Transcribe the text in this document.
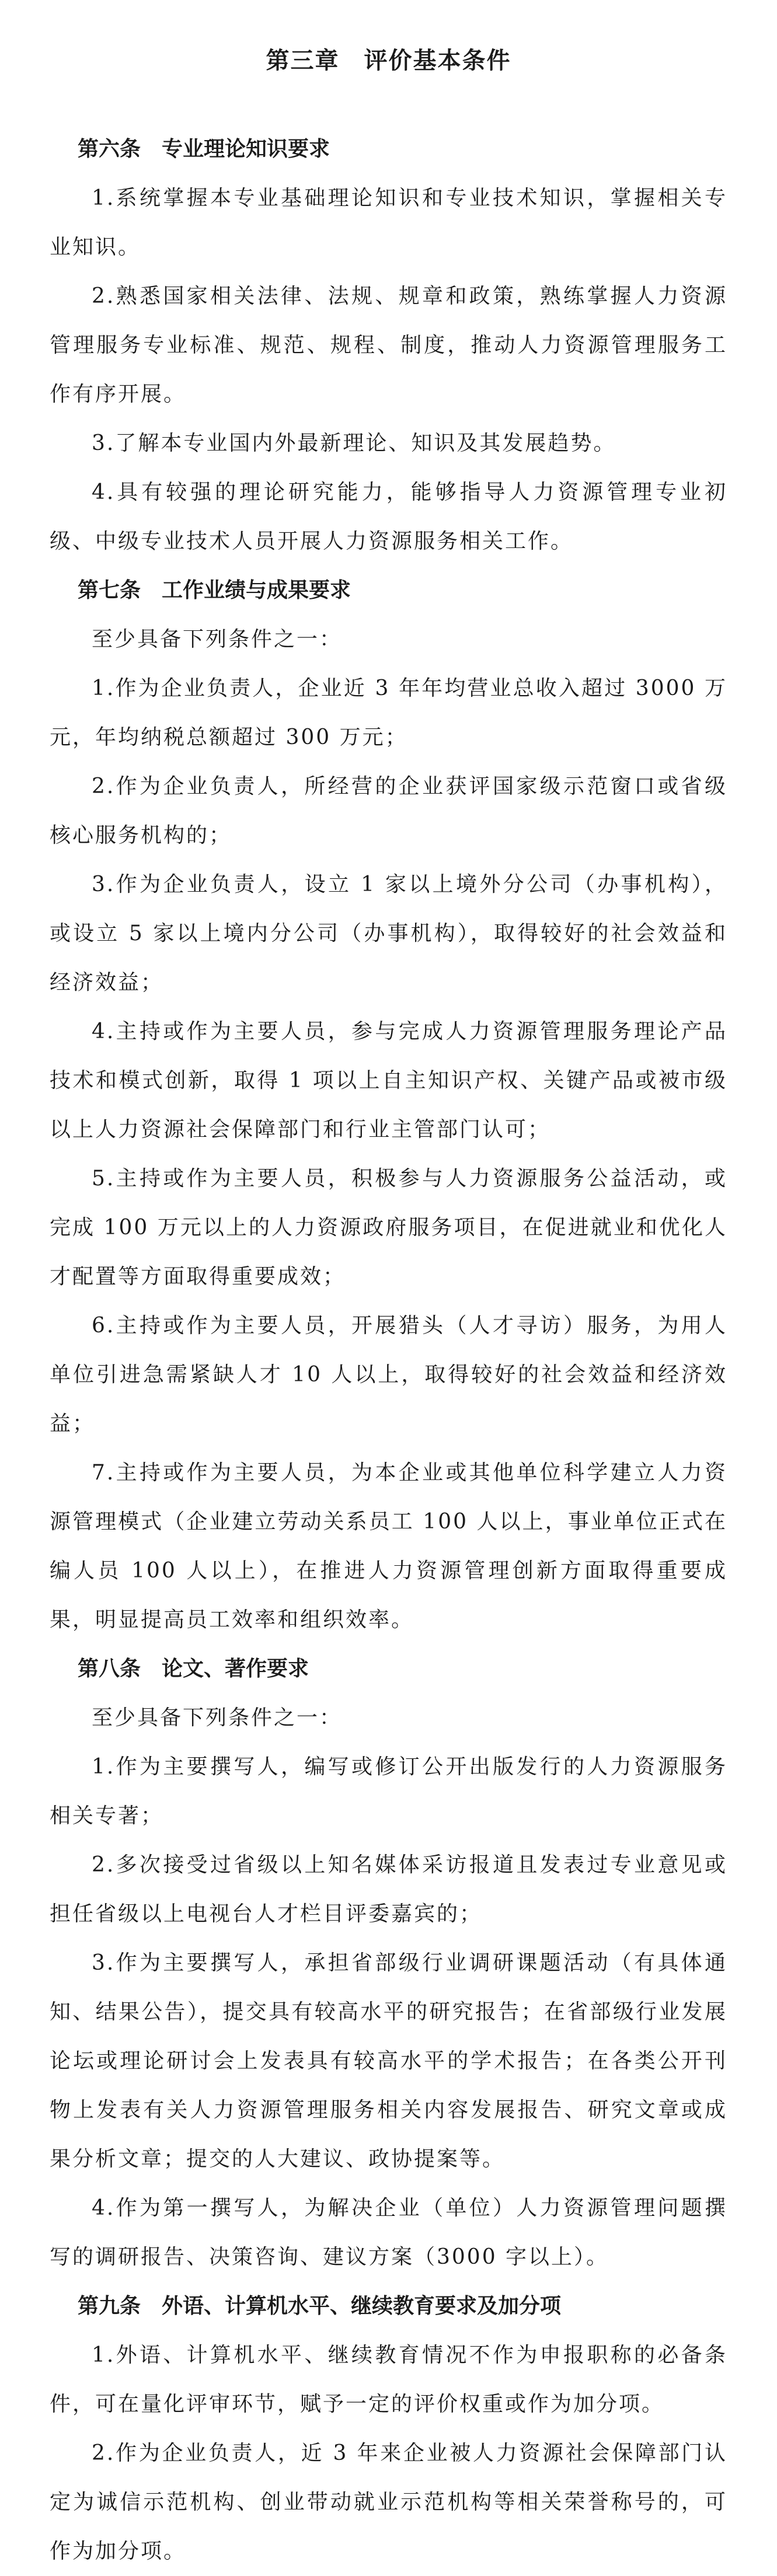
第三章　评价基本条件
第六条　专业理论知识要求

1.系统掌握本专业基础理论知识和专业技术知识，掌握相关专业知识。

2.熟悉国家相关法律、法规、规章和政策，熟练掌握人力资源管理服务专业标准、规范、规程、制度，推动人力资源管理服务工作有序开展。

3.了解本专业国内外最新理论、知识及其发展趋势。

4.具有较强的理论研究能力，能够指导人力资源管理专业初级、中级专业技术人员开展人力资源服务相关工作。

第七条　工作业绩与成果要求

至少具备下列条件之一：

1.作为企业负责人，企业近 3 年年均营业总收入超过 3000 万元，年均纳税总额超过 300 万元；

2.作为企业负责人，所经营的企业获评国家级示范窗口或省级核心服务机构的；

3.作为企业负责人，设立 1 家以上境外分公司（办事机构），或设立 5 家以上境内分公司（办事机构），取得较好的社会效益和经济效益；

4.主持或作为主要人员，参与完成人力资源管理服务理论产品技术和模式创新，取得 1 项以上自主知识产权、关键产品或被市级以上人力资源社会保障部门和行业主管部门认可；

5.主持或作为主要人员，积极参与人力资源服务公益活动，或完成 100 万元以上的人力资源政府服务项目，在促进就业和优化人才配置等方面取得重要成效；

6.主持或作为主要人员，开展猎头（人才寻访）服务，为用人单位引进急需紧缺人才 10 人以上，取得较好的社会效益和经济效益；

7.主持或作为主要人员，为本企业或其他单位科学建立人力资源管理模式（企业建立劳动关系员工 100 人以上，事业单位正式在编人员 100 人以上），在推进人力资源管理创新方面取得重要成果，明显提高员工效率和组织效率。

第八条　论文、著作要求

至少具备下列条件之一：

1.作为主要撰写人，编写或修订公开出版发行的人力资源服务相关专著；

2.多次接受过省级以上知名媒体采访报道且发表过专业意见或担任省级以上电视台人才栏目评委嘉宾的；

3.作为主要撰写人，承担省部级行业调研课题活动（有具体通知、结果公告），提交具有较高水平的研究报告；在省部级行业发展论坛或理论研讨会上发表具有较高水平的学术报告；在各类公开刊物上发表有关人力资源管理服务相关内容发展报告、研究文章或成果分析文章；提交的人大建议、政协提案等。

4.作为第一撰写人，为解决企业（单位）人力资源管理问题撰写的调研报告、决策咨询、建议方案（3000 字以上）。

第九条　外语、计算机水平、继续教育要求及加分项

1.外语、计算机水平、继续教育情况不作为申报职称的必备条件，可在量化评审环节，赋予一定的评价权重或作为加分项。

2.作为企业负责人，近 3 年来企业被人力资源社会保障部门认定为诚信示范机构、创业带动就业示范机构等相关荣誉称号的，可作为加分项。
